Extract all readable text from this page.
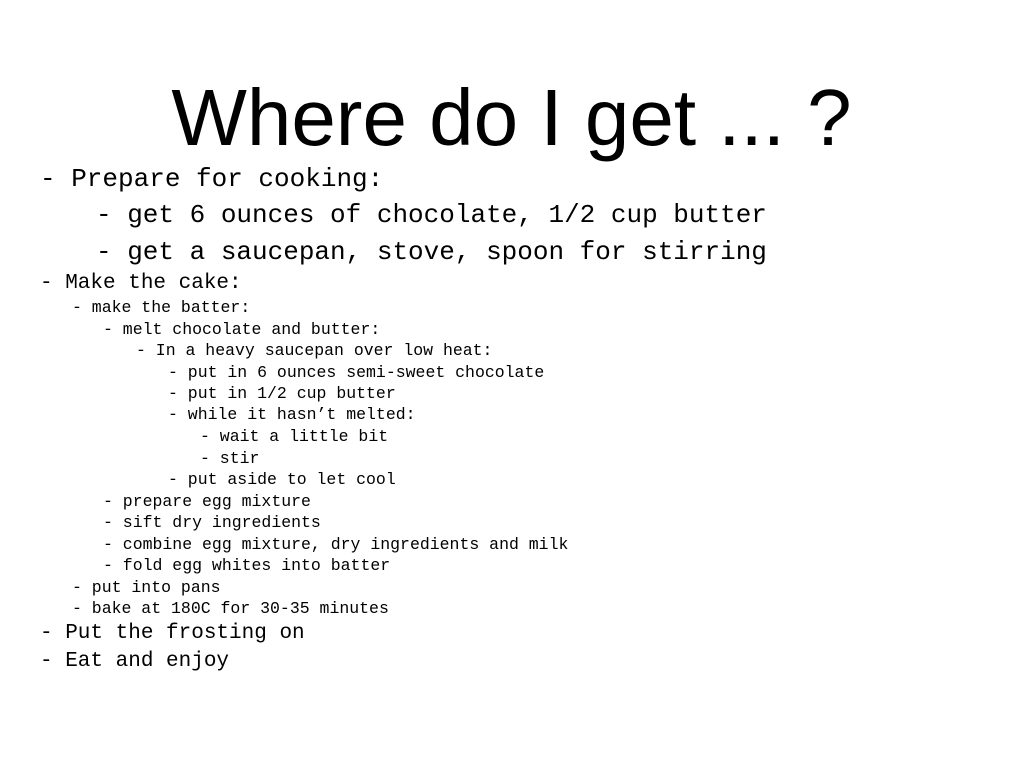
Where do I get ... ?
- Prepare for cooking:
- get 6 ounces of chocolate, 1/2 cup butter
- get a saucepan, stove, spoon for stirring
- Make the cake:
- make the batter:
- melt chocolate and butter:
- In a heavy saucepan over low heat:
- put in 6 ounces semi-sweet chocolate
- put in 1/2 cup butter
- while it hasn’t melted:
- wait a little bit
- stir
- put aside to let cool
- prepare egg mixture
- sift dry ingredients
- combine egg mixture, dry ingredients and milk
- fold egg whites into batter
- put into pans
- bake at 180C for 30-35 minutes
- Put the frosting on
- Eat and enjoy
